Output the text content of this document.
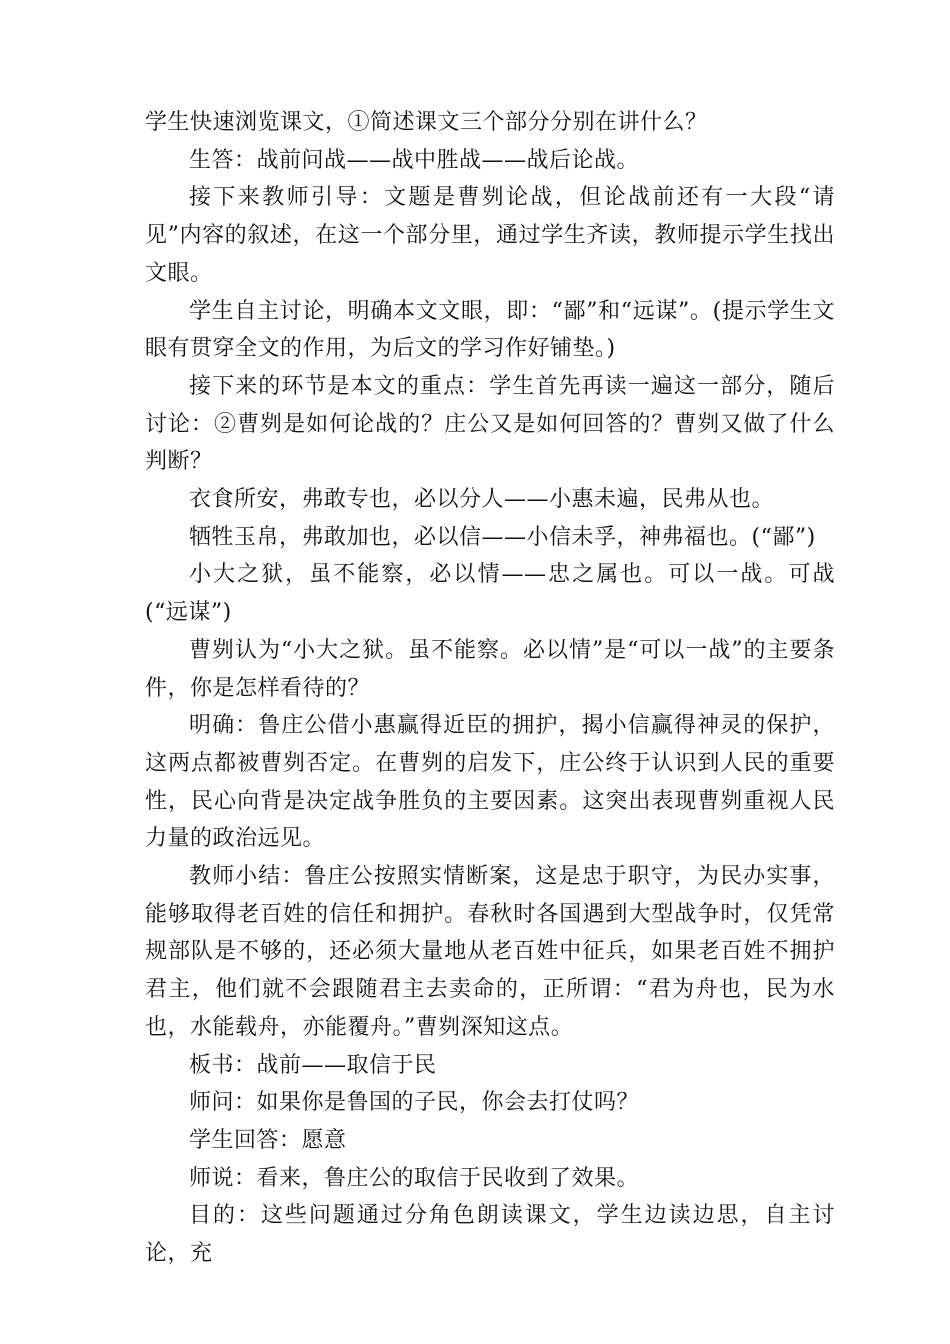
学生快速浏览课文，①简述课文三个部分分别在讲什么？

生答：战前问战——战中胜战——战后论战。

接下来教师引导：文题是曹刿论战，但论战前还有一大段“请见”内容的叙述，在这一个部分里，通过学生齐读，教师提示学生找出文眼。

学生自主讨论，明确本文文眼，即：“鄙”和“远谋”。(提示学生文眼有贯穿全文的作用，为后文的学习作好铺垫。)

接下来的环节是本文的重点：学生首先再读一遍这一部分，随后讨论：②曹刿是如何论战的？庄公又是如何回答的？曹刿又做了什么判断？

衣食所安，弗敢专也，必以分人——小惠未遍，民弗从也。

牺牲玉帛，弗敢加也，必以信——小信未孚，神弗福也。(“鄙”)

小大之狱，虽不能察，必以情——忠之属也。可以一战。可战(“远谋”)

曹刿认为“小大之狱。虽不能察。必以情”是“可以一战”的主要条件，你是怎样看待的？

明确：鲁庄公借小惠赢得近臣的拥护，揭小信赢得神灵的保护，这两点都被曹刿否定。在曹刿的启发下，庄公终于认识到人民的重要性，民心向背是决定战争胜负的主要因素。这突出表现曹刿重视人民力量的政治远见。

教师小结：鲁庄公按照实情断案，这是忠于职守，为民办实事，能够取得老百姓的信任和拥护。春秋时各国遇到大型战争时，仅凭常规部队是不够的，还必须大量地从老百姓中征兵，如果老百姓不拥护君主，他们就不会跟随君主去卖命的，正所谓：“君为舟也，民为水也，水能载舟，亦能覆舟。”曹刿深知这点。

板书：战前——取信于民

师问：如果你是鲁国的子民，你会去打仗吗？

学生回答：愿意

师说：看来，鲁庄公的取信于民收到了效果。

目的：这些问题通过分角色朗读课文，学生边读边思，自主讨论，充
